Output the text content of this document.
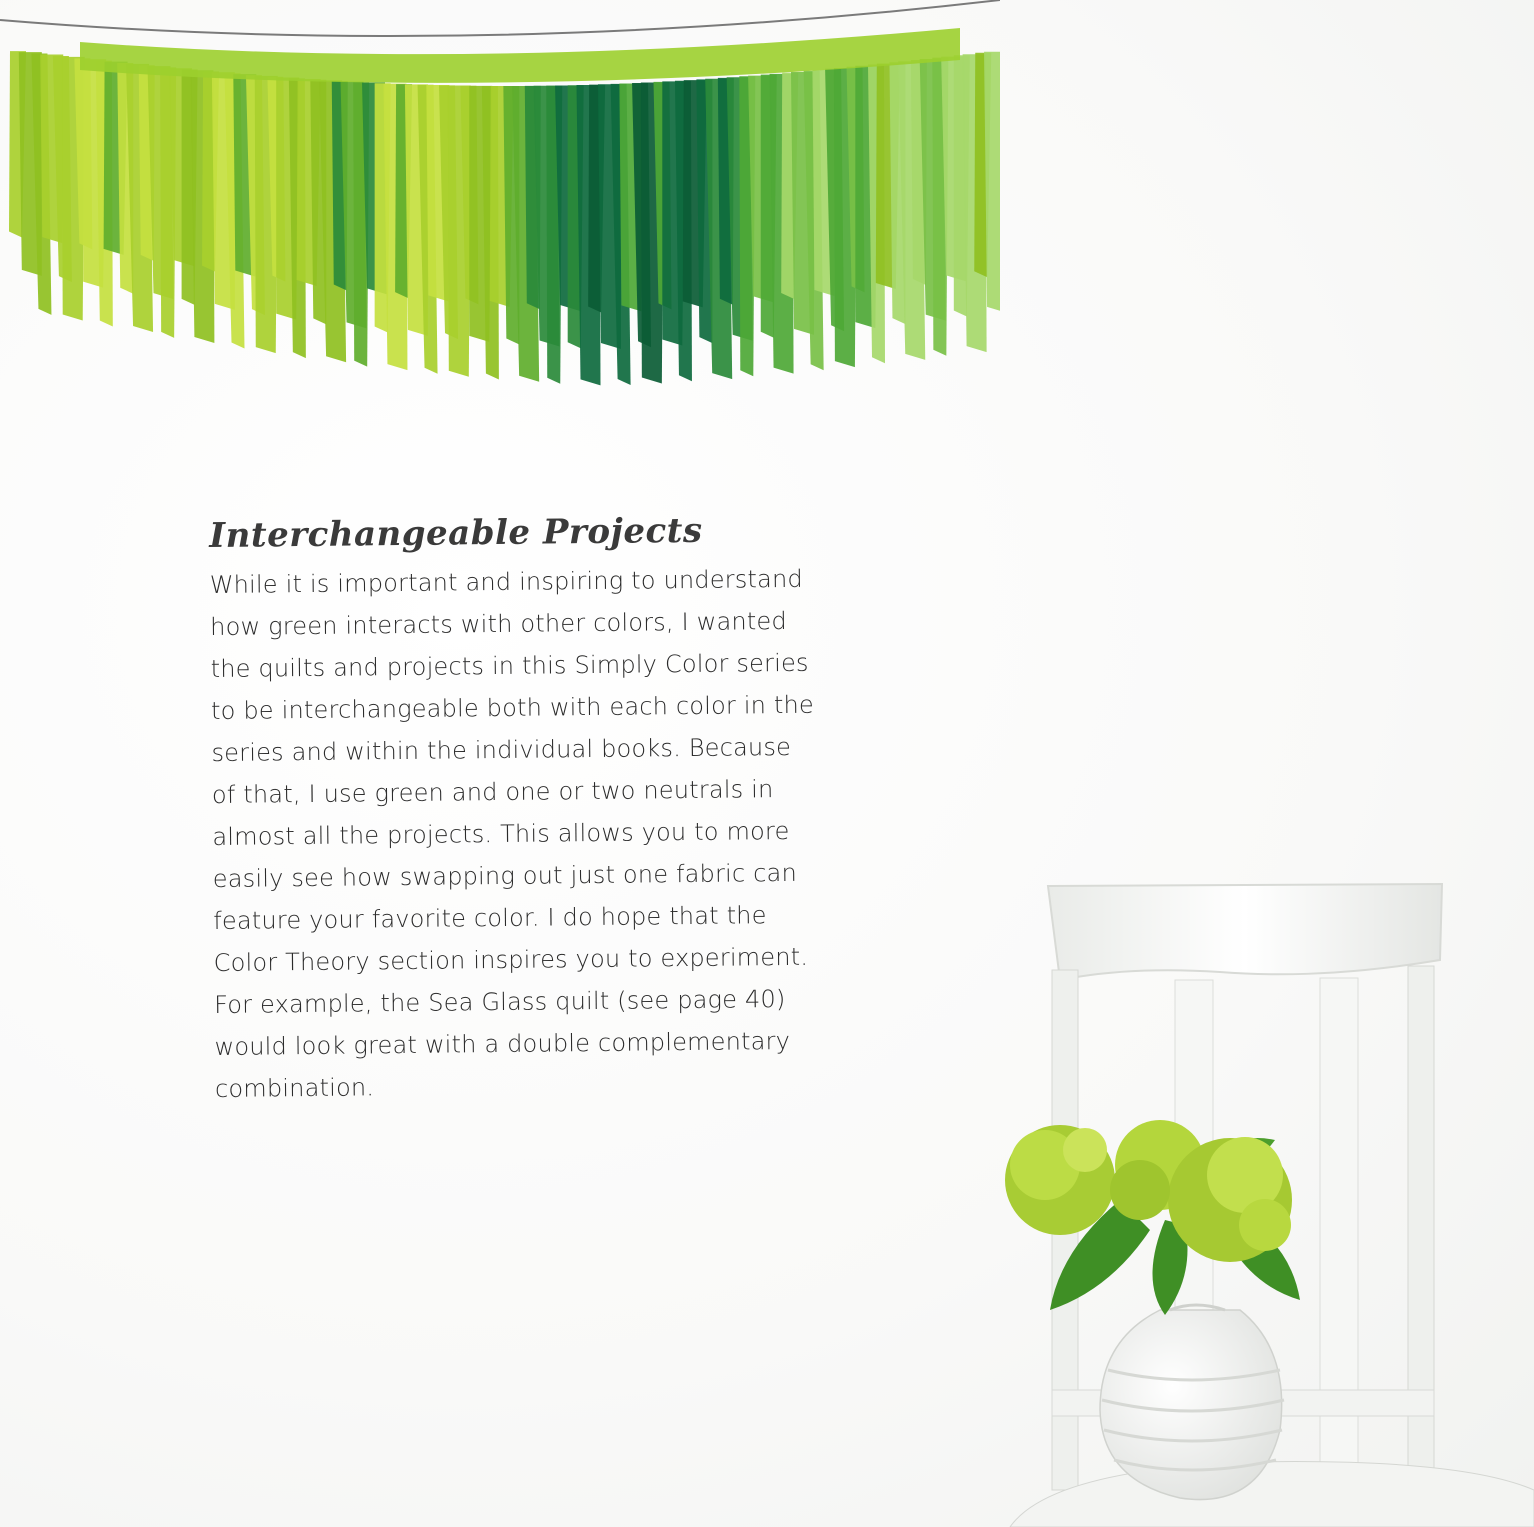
Interchangeable Projects

While it is important and inspiring to understand
how green interacts with other colors, I wanted
the quilts and projects in this Simply Color series
to be interchangeable both with each color in the
series and within the individual books. Because
of that, I use green and one or two neutrals in
almost all the projects. This allows you to more
easily see how swapping out just one fabric can
feature your favorite color. I do hope that the
Color Theory section inspires you to experiment.
For example, the Sea Glass quilt (see page 40)
would look great with a double complementary
combination.
